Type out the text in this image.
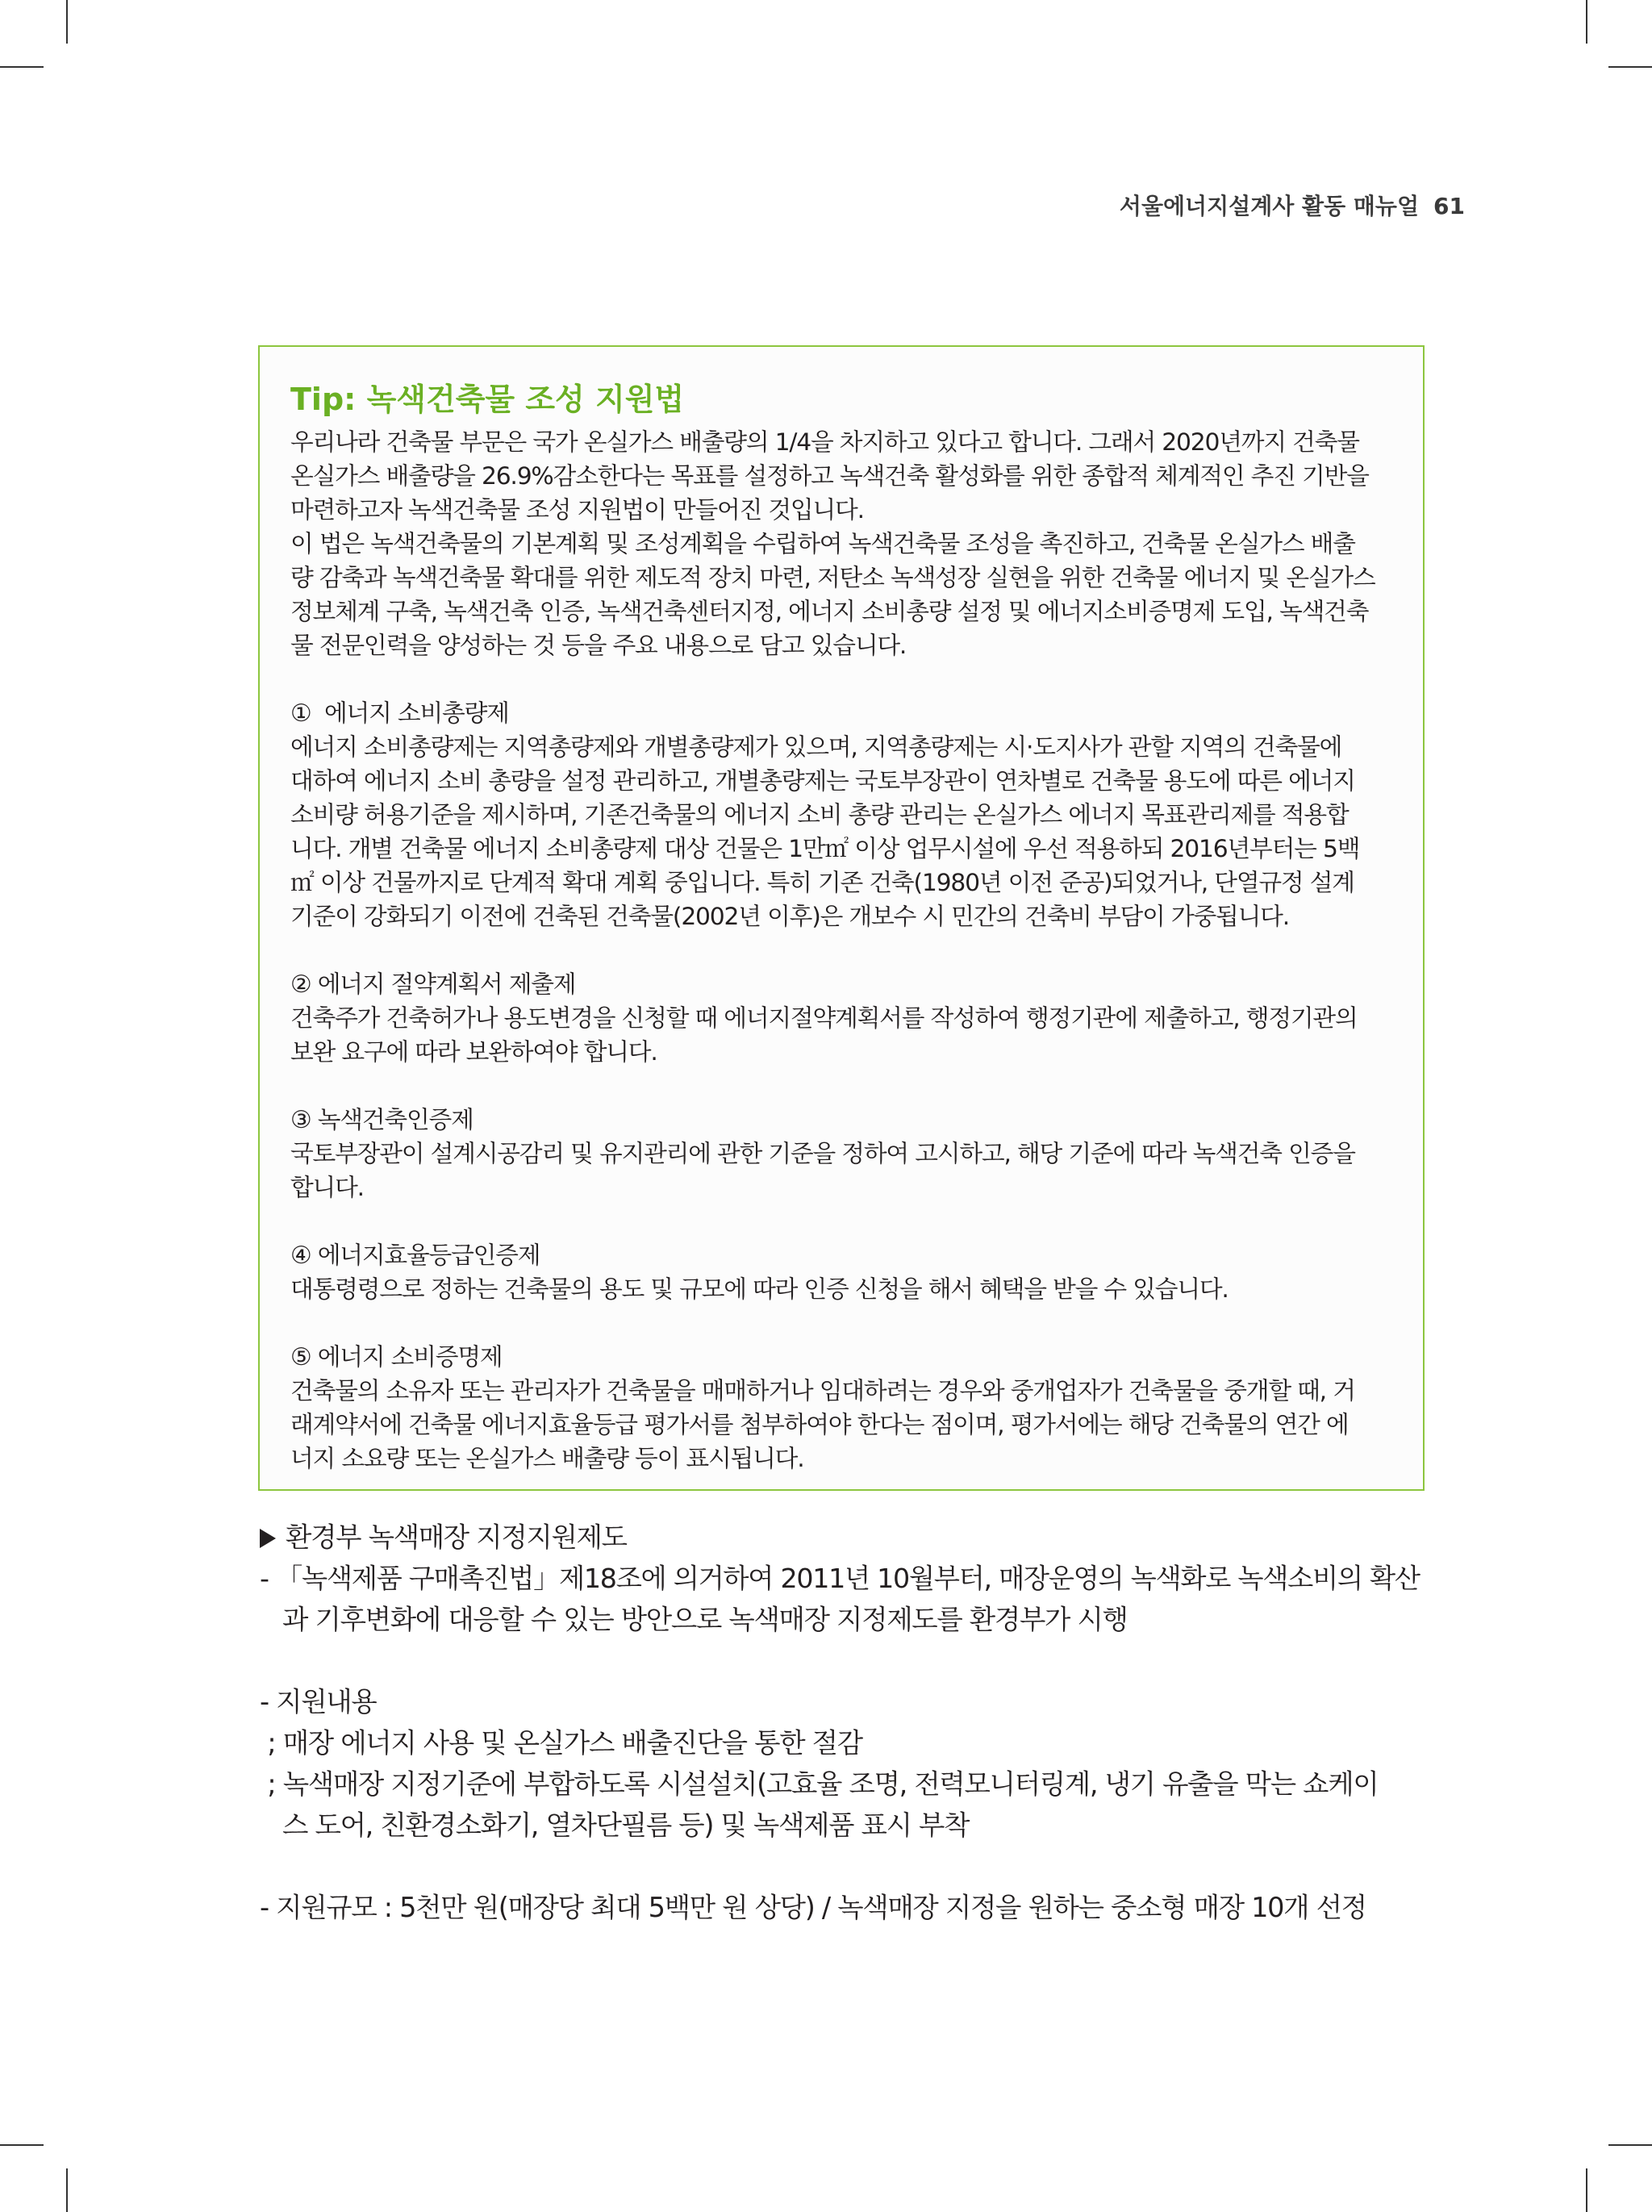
서울에너지설계사 활동 매뉴얼 61
Tip: 녹색건축물 조성 지원법

우리나라 건축물 부문은 국가 온실가스 배출량의 1/4을 차지하고 있다고 합니다. 그래서 2020년까지 건축물

온실가스 배출량을 26.9%감소한다는 목표를 설정하고 녹색건축 활성화를 위한 종합적 체계적인 추진 기반을

마련하고자 녹색건축물 조성 지원법이 만들어진 것입니다.

이 법은 녹색건축물의 기본계획 및 조성계획을 수립하여 녹색건축물 조성을 촉진하고, 건축물 온실가스 배출

량 감축과 녹색건축물 확대를 위한 제도적 장치 마련, 저탄소 녹색성장 실현을 위한 건축물 에너지 및 온실가스

정보체계 구축, 녹색건축 인증, 녹색건축센터지정, 에너지 소비총량 설정 및 에너지소비증명제 도입, 녹색건축

물 전문인력을 양성하는 것 등을 주요 내용으로 담고 있습니다.

①  에너지 소비총량제

에너지 소비총량제는 지역총량제와 개별총량제가 있으며, 지역총량제는 시·도지사가 관할 지역의 건축물에

대하여 에너지 소비 총량을 설정 관리하고, 개별총량제는 국토부장관이 연차별로 건축물 용도에 따른 에너지

소비량 허용기준을 제시하며, 기존건축물의 에너지 소비 총량 관리는 온실가스 에너지 목표관리제를 적용합

니다. 개별 건축물 에너지 소비총량제 대상 건물은 1만㎡ 이상 업무시설에 우선 적용하되 2016년부터는 5백

㎡ 이상 건물까지로 단계적 확대 계획 중입니다. 특히 기존 건축(1980년 이전 준공)되었거나, 단열규정 설계

기준이 강화되기 이전에 건축된 건축물(2002년 이후)은 개보수 시 민간의 건축비 부담이 가중됩니다.

② 에너지 절약계획서 제출제

건축주가 건축허가나 용도변경을 신청할 때 에너지절약계획서를 작성하여 행정기관에 제출하고, 행정기관의

보완 요구에 따라 보완하여야 합니다.

③ 녹색건축인증제

국토부장관이 설계시공감리 및 유지관리에 관한 기준을 정하여 고시하고, 해당 기준에 따라 녹색건축 인증을

합니다.

④ 에너지효율등급인증제

대통령령으로 정하는 건축물의 용도 및 규모에 따라 인증 신청을 해서 혜택을 받을 수 있습니다.

⑤ 에너지 소비증명제

건축물의 소유자 또는 관리자가 건축물을 매매하거나 임대하려는 경우와 중개업자가 건축물을 중개할 때, 거

래계약서에 건축물 에너지효율등급 평가서를 첨부하여야 한다는 점이며, 평가서에는 해당 건축물의 연간 에

너지 소요량 또는 온실가스 배출량 등이 표시됩니다.

환경부 녹색매장 지정지원제도

- 「녹색제품 구매촉진법」제18조에 의거하여 2011년 10월부터, 매장운영의 녹색화로 녹색소비의 확산

과 기후변화에 대응할 수 있는 방안으로 녹색매장 지정제도를 환경부가 시행

- 지원내용

; 매장 에너지 사용 및 온실가스 배출진단을 통한 절감

; 녹색매장 지정기준에 부합하도록 시설설치(고효율 조명, 전력모니터링계, 냉기 유출을 막는 쇼케이

스 도어, 친환경소화기, 열차단필름 등) 및 녹색제품 표시 부착

- 지원규모 : 5천만 원(매장당 최대 5백만 원 상당) / 녹색매장 지정을 원하는 중소형 매장 10개 선정
